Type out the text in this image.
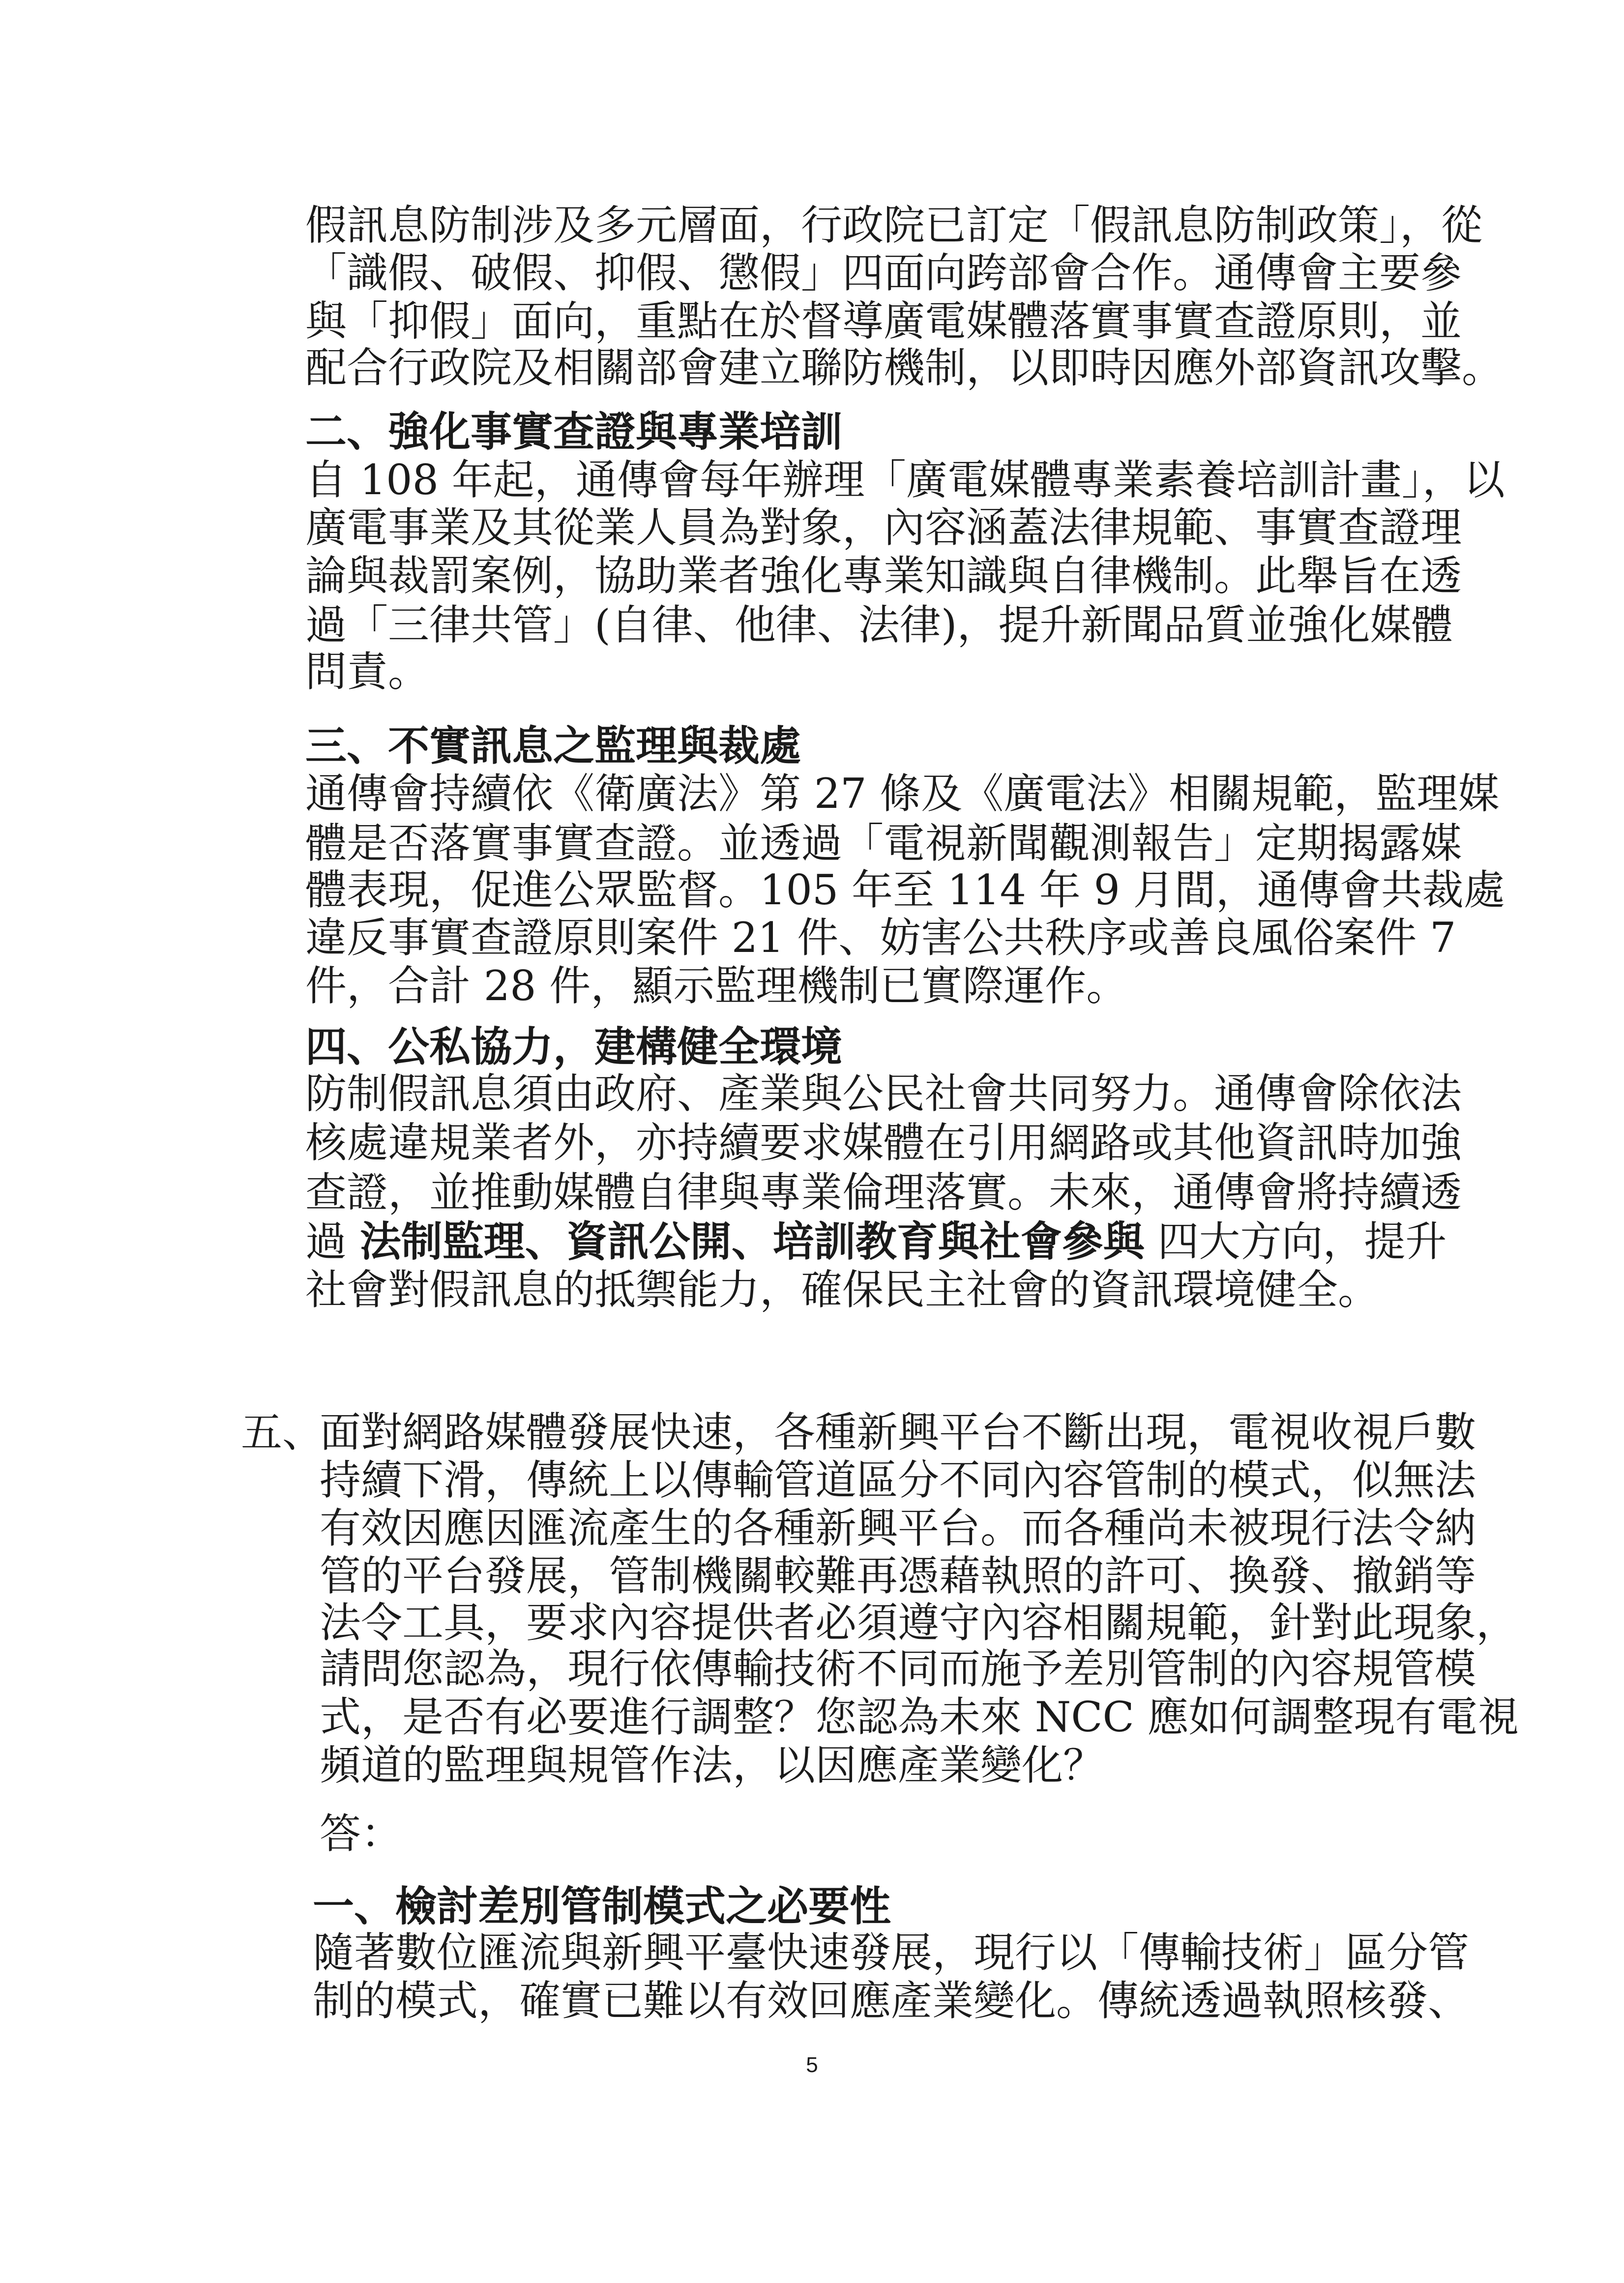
假訊息防制涉及多元層面，行政院已訂定「假訊息防制政策」，從
「識假、破假、抑假、懲假」四面向跨部會合作。通傳會主要參
與「抑假」面向，重點在於督導廣電媒體落實事實查證原則，並
配合行政院及相關部會建立聯防機制，以即時因應外部資訊攻擊。
二、強化事實查證與專業培訓
自 108 年起，通傳會每年辦理「廣電媒體專業素養培訓計畫」，以
廣電事業及其從業人員為對象，內容涵蓋法律規範、事實查證理
論與裁罰案例，協助業者強化專業知識與自律機制。此舉旨在透
過「三律共管」(自律、他律、法律)，提升新聞品質並強化媒體
問責。
三、不實訊息之監理與裁處
通傳會持續依《衛廣法》第 27 條及《廣電法》相關規範，監理媒
體是否落實事實查證。並透過「電視新聞觀測報告」定期揭露媒
體表現，促進公眾監督。105 年至 114 年 9 月間，通傳會共裁處
違反事實查證原則案件 21 件、妨害公共秩序或善良風俗案件 7
件，合計 28 件，顯示監理機制已實際運作。
四、公私協力，建構健全環境
防制假訊息須由政府、產業與公民社會共同努力。通傳會除依法
核處違規業者外，亦持續要求媒體在引用網路或其他資訊時加強
查證，並推動媒體自律與專業倫理落實。未來，通傳會將持續透
過 法制監理、資訊公開、培訓教育與社會參與 四大方向，提升
社會對假訊息的抵禦能力，確保民主社會的資訊環境健全。
五、
面對網路媒體發展快速，各種新興平台不斷出現，電視收視戶數
持續下滑，傳統上以傳輸管道區分不同內容管制的模式，似無法
有效因應因匯流產生的各種新興平台。而各種尚未被現行法令納
管的平台發展，管制機關較難再憑藉執照的許可、換發、撤銷等
法令工具，要求內容提供者必須遵守內容相關規範，針對此現象，
請問您認為，現行依傳輸技術不同而施予差別管制的內容規管模
式，是否有必要進行調整？您認為未來 NCC 應如何調整現有電視
頻道的監理與規管作法，以因應產業變化？
答：
一、檢討差別管制模式之必要性
隨著數位匯流與新興平臺快速發展，現行以「傳輸技術」區分管
制的模式，確實已難以有效回應產業變化。傳統透過執照核發、
5
